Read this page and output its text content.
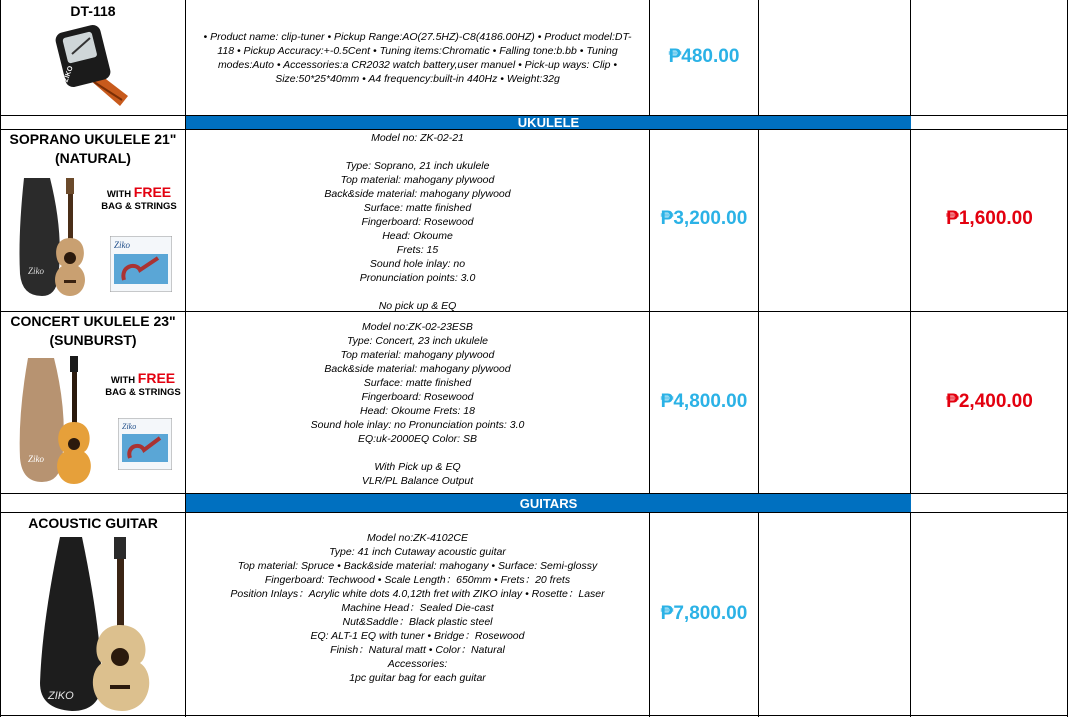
DT-118
ZIKO
• Product name: clip-tuner • Pickup Range:AO(27.5HZ)-C8(4186.00HZ) • Product model:DT-
118 • Pickup Accuracy:+-0.5Cent • Tuning items:Chromatic • Falling tone:b.bb • Tuning
modes:Auto • Accessories:a CR2032 watch battery,user manuel • Pick-up ways: Clip •
Size:50*25*40mm • A4 frequency:built-in 440Hz • Weight:32g
₱480.00
UKULELE
SOPRANO UKULELE 21"
(NATURAL)
Ziko
WITH FREE
BAG & STRINGS
Ziko
Model no: ZK-02-21

Type: Soprano, 21 inch ukulele
Top material: mahogany plywood
Back&side material: mahogany plywood
Surface: matte finished
Fingerboard: Rosewood
Head: Okoume
Frets: 15
Sound hole inlay: no
Pronunciation points: 3.0

No pick up & EQ
₱3,200.00	₱1,600.00
CONCERT UKULELE 23"
(SUNBURST)
Ziko
WITH FREE
BAG & STRINGS
Ziko
Model no:ZK-02-23ESB
Type: Concert, 23 inch ukulele
Top material: mahogany plywood
Back&side material: mahogany plywood
Surface: matte finished
Fingerboard: Rosewood
Head: Okoume Frets: 18
Sound hole inlay: no Pronunciation points: 3.0
EQ:uk-2000EQ Color: SB

With Pick up & EQ
VLR/PL Balance Output
₱4,800.00	₱2,400.00
GUITARS
ACOUSTIC GUITAR
ZIKO
Model no:ZK-4102CE
Type: 41 inch Cutaway acoustic guitar
Top material: Spruce • Back&side material: mahogany • Surface: Semi-glossy
Fingerboard: Techwood • Scale Length：650mm • Frets：20 frets
Position Inlays：Acrylic white dots 4.0,12th fret with ZIKO inlay • Rosette：Laser
Machine Head：Sealed Die-cast
Nut&Saddle：Black plastic steel
EQ: ALT-1 EQ with tuner • Bridge：Rosewood
Finish：Natural matt • Color：Natural
Accessories:
1pc guitar bag for each guitar
₱7,800.00
